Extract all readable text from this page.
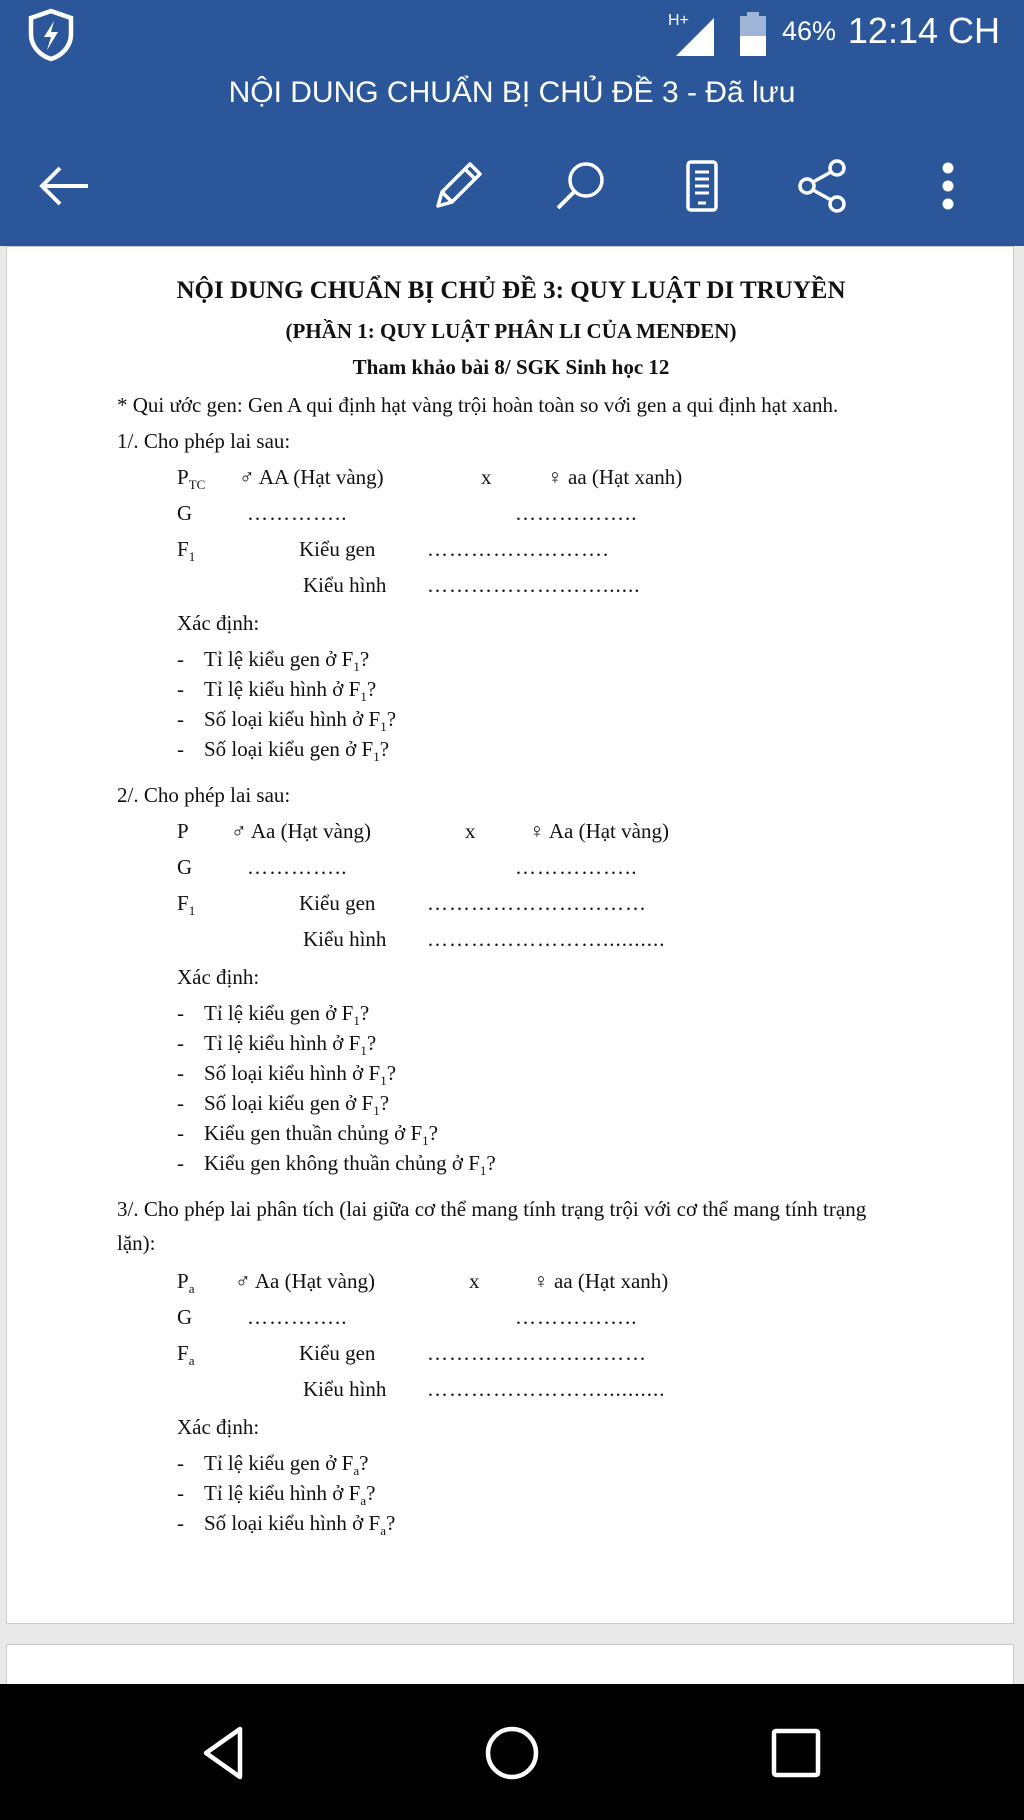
H+	46% 12:14 CH
NỘI DUNG CHUẨN BỊ CHỦ ĐỀ 3 - Đã lưu
NỘI DUNG CHUẨN BỊ CHỦ ĐỀ 3: QUY LUẬT DI TRUYỀN
(PHẦN 1: QUY LUẬT PHÂN LI CỦA MENĐEN)
Tham khảo bài 8/ SGK Sinh học 12
* Qui ước gen: Gen A qui định hạt vàng trội hoàn toàn so với gen a qui định hạt xanh.
1/. Cho phép lai sau:
$P_{TC}$ ♂ AA (Hạt vàng)	x	♀ aa (Hạt xanh)
G	…………..	……………..
$F_1$	Kiểu gen …………………….
Kiểu hình ……………………......
Xác định:
- Tỉ lệ kiểu gen ở $F_1$?
- Tỉ lệ kiểu hình ở $F_1$?
- Số loại kiểu hình ở $F_1$?
- Số loại kiểu gen ở $F_1$?
2/. Cho phép lai sau:
P ♂ Aa (Hạt vàng)	x	♀ Aa (Hạt vàng)
G	…………..	……………..
$F_1$	Kiểu gen …………………………
Kiểu hình ……………………..........
Xác định:
- Tỉ lệ kiểu gen ở $F_1$?
- Tỉ lệ kiểu hình ở $F_1$?
- Số loại kiểu hình ở $F_1$?
- Số loại kiểu gen ở $F_1$?
- Kiểu gen thuần chủng ở $F_1$?
- Kiểu gen không thuần chủng ở $F_1$?
3/. Cho phép lai phân tích (lai giữa cơ thể mang tính trạng trội với cơ thể mang tính trạng
lặn):
$P_a$ ♂ Aa (Hạt vàng)	x	♀ aa (Hạt xanh)
G	…………..	……………..
$F_a$	Kiểu gen …………………………
Kiểu hình ……………………..........
Xác định:
- Tỉ lệ kiểu gen ở $F_a$?
- Tỉ lệ kiểu hình ở $F_a$?
- Số loại kiểu hình ở $F_a$?
